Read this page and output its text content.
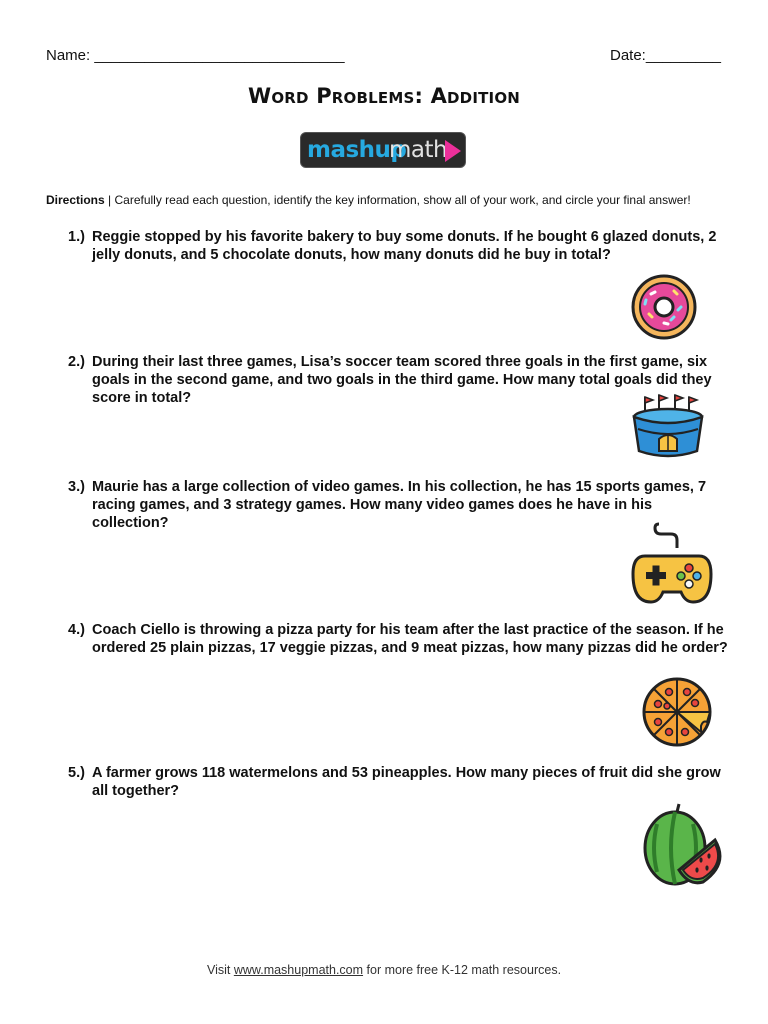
Name: ______________________________	Date:_________
Word Problems: Addition
mashup
math
Directions | Carefully read each question, identify the key information, show all of your work, and circle your final answer!
1.) Reggie stopped by his favorite bakery to buy some donuts. If he bought 6 glazed donuts, 2 jelly donuts, and 5 chocolate donuts, how many donuts did he buy in total?
2.) During their last three games, Lisa’s soccer team scored three goals in the first game, six goals in the second game, and two goals in the third game. How many total goals did they score in total?
3.) Maurie has a large collection of video games. In his collection, he has 15 sports games, 7 racing games, and 3 strategy games. How many video games does he have in his collection?
4.) Coach Ciello is throwing a pizza party for his team after the last practice of the season. If he ordered 25 plain pizzas, 17 veggie pizzas, and 9 meat pizzas, how many pizzas did he order?
5.) A farmer grows 118 watermelons and 53 pineapples. How many pieces of fruit did she grow all together?
Visit www.mashupmath.com for more free K-12 math resources.
